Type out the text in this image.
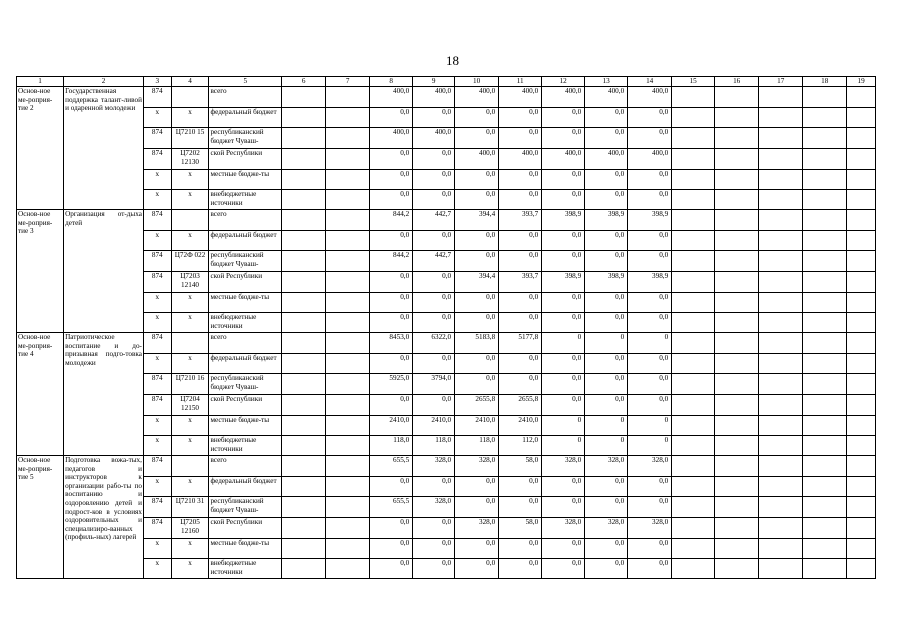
18
1	2	3	4	5	6	7	8	9	10	11	12	13	14	15	16	17	18	19
Основ-ное ме-роприя-тие 2	Государственная поддержка талант-ливой и одаренной молодежи	874		всего			400,0	400,0	400,0	400,0	400,0	400,0	400,0					
		x	x	федеральный бюджет			0,0	0,0	0,0	0,0	0,0	0,0	0,0					
		874	Ц7210 15	республиканский бюджет Чуваш-			400,0	400,0	0,0	0,0	0,0	0,0	0,0					
		874	Ц7202 12130	ской Республики			0,0	0,0	400,0	400,0	400,0	400,0	400,0					
		x	x	местные бюдже-ты			0,0	0,0	0,0	0,0	0,0	0,0	0,0					
		x	x	внебюджетные источники			0,0	0,0	0,0	0,0	0,0	0,0	0,0					
Основ-ное ме-роприя-тие 3	Организация от-дыха детей	874		всего			844,2	442,7	394,4	393,7	398,9	398,9	398,9					
		x	x	федеральный бюджет			0,0	0,0	0,0	0,0	0,0	0,0	0,0					
		874	Ц72Ф 022	республиканский бюджет Чуваш-			844,2	442,7	0,0	0,0	0,0	0,0	0,0					
		874	Ц7203 12140	ской Республики			0,0	0,0	394,4	393,7	398,9	398,9	398,9					
		x	x	местные бюдже-ты			0,0	0,0	0,0	0,0	0,0	0,0	0,0					
		x	x	внебюджетные источники			0,0	0,0	0,0	0,0	0,0	0,0	0,0					
Основ-ное ме-роприя-тие 4	Патриотическое воспитание и до-призывная подго-товка молодежи	874		всего			8453,0	6322,0	5183,8	5177,8	0	0	0					
		x	x	федеральный бюджет			0,0	0,0	0,0	0,0	0,0	0,0	0,0					
		874	Ц7210 16	республиканский бюджет Чуваш-			5925,0	3794,0	0,0	0,0	0,0	0,0	0,0					
		874	Ц7204 12150	ской Республики			0,0	0,0	2655,8	2655,8	0,0	0,0	0,0					
		x	x	местные бюдже-ты			2410,0	2410,0	2410,0	2410,0	0	0	0					
		x	x	внебюджетные источники			118,0	118,0	118,0	112,0	0	0	0					
Основ-ное ме-роприя-тие 5	Подготовка вожа-тых, педагогов и инструкторов к организации рабо-ты по воспитанию и оздоровлению детей и подрост-ков в условиях оздоровительных и специализиро-ванных (профиль-ных) лагерей	874		всего			655,5	328,0	328,0	58,0	328,0	328,0	328,0					
		x	x	федеральный бюджет			0,0	0,0	0,0	0,0	0,0	0,0	0,0					
		874	Ц7210 31	республиканский бюджет Чуваш-			655,5	328,0	0,0	0,0	0,0	0,0	0,0					
		874	Ц7205 12160	ской Республики			0,0	0,0	328,0	58,0	328,0	328,0	328,0					
		x	x	местные бюдже-ты			0,0	0,0	0,0	0,0	0,0	0,0	0,0					
		x	x	внебюджетные источники			0,0	0,0	0,0	0,0	0,0	0,0	0,0					
